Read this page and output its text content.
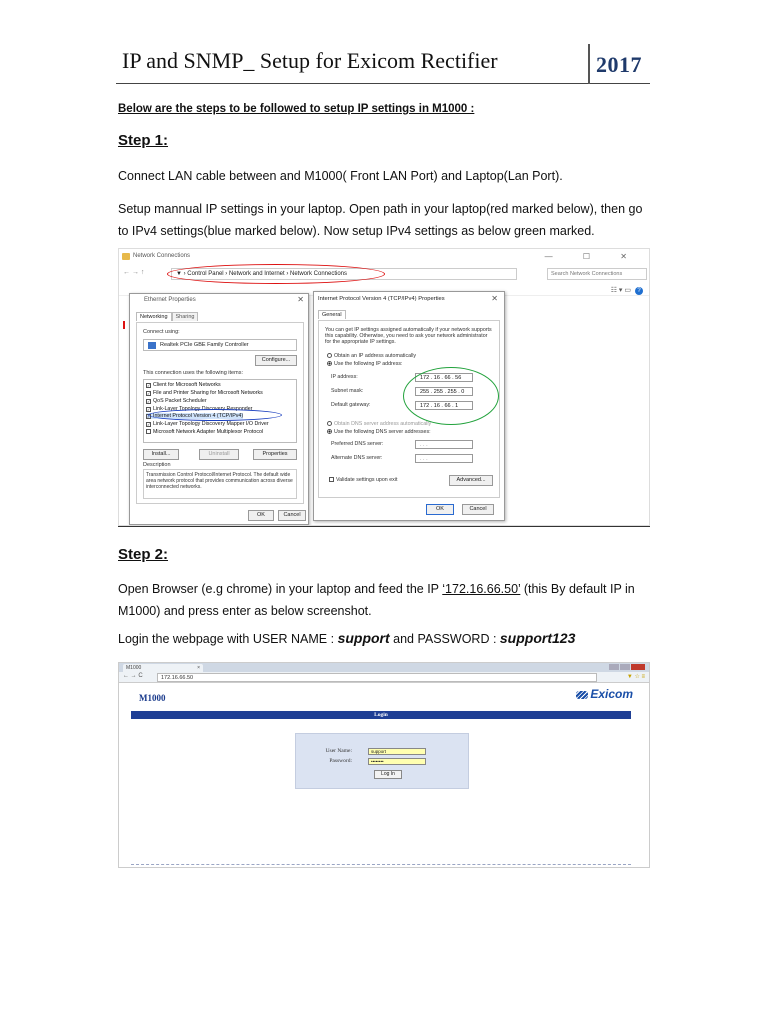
IP and SNMP_ Setup for Exicom Rectifier	2017
Below are the steps to be followed to setup IP settings in M1000 :
Step 1:
Connect LAN cable between and M1000( Front LAN Port) and Laptop(Lan Port).
Setup mannual IP settings in your laptop. Open path in your laptop(red marked below), then go to IPv4 settings(blue marked below). Now setup IPv4 settings as below green marked.
Network Connections	— ☐ ✕
← → ↑	▼ › Control Panel › Network and Internet › Network Connections	Search Network Connections
☷ ▾ ▭ ?
Ethernet Properties	✕
Networking Sharing
Connect using:
Realtek PCIe GBE Family Controller
Configure...
This connection uses the following items:
✓ Client for Microsoft Networks
✓ File and Printer Sharing for Microsoft Networks
✓ QoS Packet Scheduler
✓ Link-Layer Topology Discovery Responder
✓ Internet Protocol Version 4 (TCP/IPv4)
✓ Link-Layer Topology Discovery Mapper I/O Driver
Microsoft Network Adapter Multiplexor Protocol
Install...	Uninstall	Properties
Description
Transmission Control Protocol/Internet Protocol. The default wide area network protocol that provides communication across diverse interconnected networks.
OK	Cancel
Internet Protocol Version 4 (TCP/IPv4) Properties	✕
General
You can get IP settings assigned automatically if your network supports this capability. Otherwise, you need to ask your network administrator for the appropriate IP settings.
Obtain an IP address automatically
Use the following IP address:
IP address:	172 . 16 . 66 . 56
Subnet mask:	255 . 255 . 255 . 0
Default gateway:	172 . 16 . 66 . 1
Obtain DNS server address automatically
Use the following DNS server addresses:
Preferred DNS server:	. . .
Alternate DNS server:	. . .
Validate settings upon exit	Advanced...
OK	Cancel
Step 2:
Open Browser (e.g chrome) in your laptop and feed the IP ‘172.16.66.50’ (this By default IP in M1000) and press enter as below screenshot.
Login the webpage with USER NAME : support and PASSWORD : support123
M1000	×
← → C	172.16.66.50	▼ ☆ ≡
M1000	Exicom
Login
User Name:	support
Password:	••••••••
Log In
